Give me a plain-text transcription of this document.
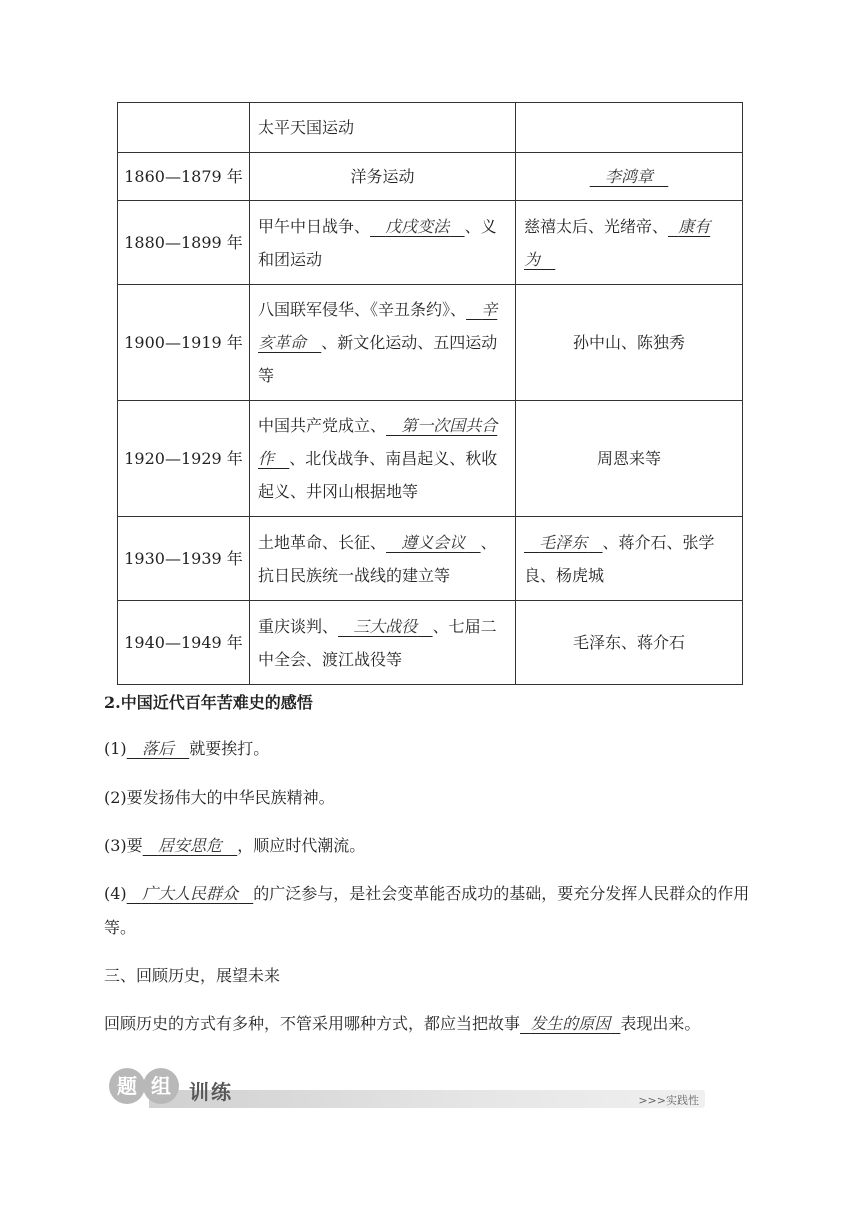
	太平天国运动	
1860—1879 年	洋务运动	李鸿章
1880—1899 年	甲午中日战争、 戊戌变法 、义和团运动	慈禧太后、光绪帝、 康有为
1900—1919 年	八国联军侵华、《辛丑条约》、 辛亥革命 、新文化运动、五四运动等	孙中山、陈独秀
1920—1929 年	中国共产党成立、 第一次国共合作 、北伐战争、南昌起义、秋收起义、井冈山根据地等	周恩来等
1930—1939 年	土地革命、长征、 遵义会议 、抗日民族统一战线的建立等	毛泽东 、蒋介石、张学良、杨虎城
1940—1949 年	重庆谈判、 三大战役 、七届二中全会、渡江战役等	毛泽东、蒋介石
2.中国近代百年苦难史的感悟
(1) 落后 就要挨打。
(2)要发扬伟大的中华民族精神。
(3)要 居安思危 ，顺应时代潮流。
(4) 广大人民群众 的广泛参与，是社会变革能否成功的基础，要充分发挥人民群众的作用等。
三、回顾历史，展望未来
回顾历史的方式有多种，不管采用哪种方式，都应当把故事 发生的原因 表现出来。
题 组 训练	>>>实践性
